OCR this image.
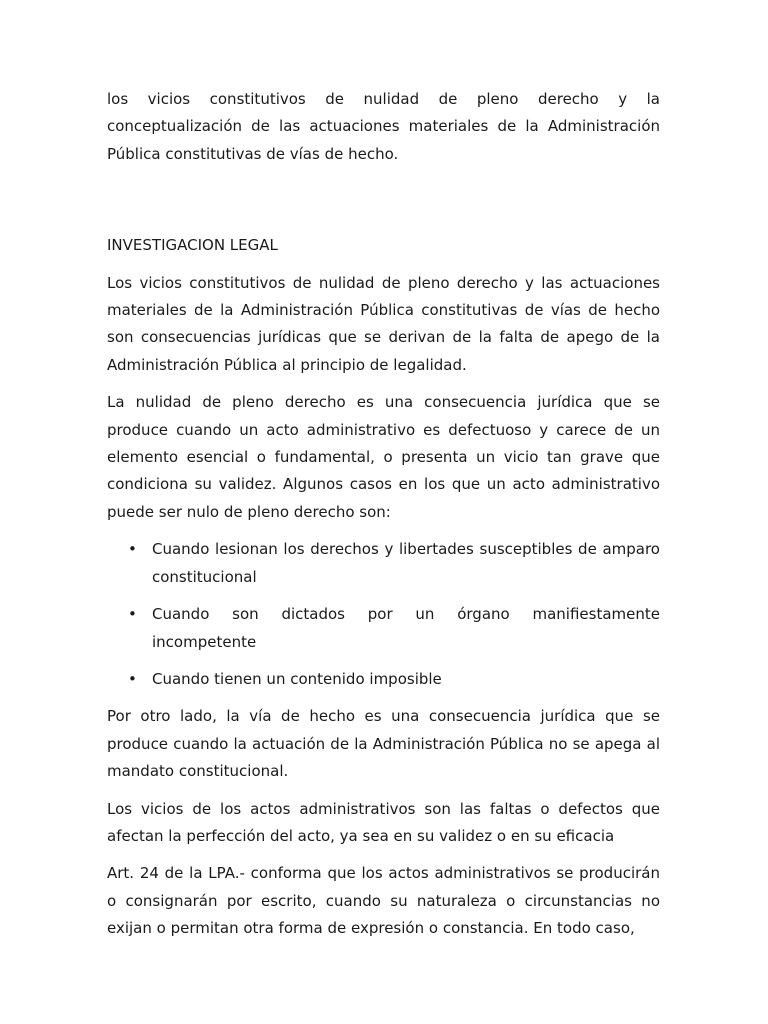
los vicios constitutivos de nulidad de pleno derecho y la conceptualización de las actuaciones materiales de la Administración Pública constitutivas de vías de hecho.

INVESTIGACION LEGAL

Los vicios constitutivos de nulidad de pleno derecho y las actuaciones materiales de la Administración Pública constitutivas de vías de hecho son consecuencias jurídicas que se derivan de la falta de apego de la Administración Pública al principio de legalidad.

La nulidad de pleno derecho es una consecuencia jurídica que se produce cuando un acto administrativo es defectuoso y carece de un elemento esencial o fundamental, o presenta un vicio tan grave que condiciona su validez. Algunos casos en los que un acto administrativo puede ser nulo de pleno derecho son:

• Cuando lesionan los derechos y libertades susceptibles de amparo constitucional
• Cuando son dictados por un órgano manifiestamente incompetente
• Cuando tienen un contenido imposible

Por otro lado, la vía de hecho es una consecuencia jurídica que se produce cuando la actuación de la Administración Pública no se apega al mandato constitucional.

Los vicios de los actos administrativos son las faltas o defectos que afectan la perfección del acto, ya sea en su validez o en su eficacia

Art. 24 de la LPA.- conforma que los actos administrativos se producirán o consignarán por escrito, cuando su naturaleza o circunstancias no exijan o permitan otra forma de expresión o constancia. En todo caso,
